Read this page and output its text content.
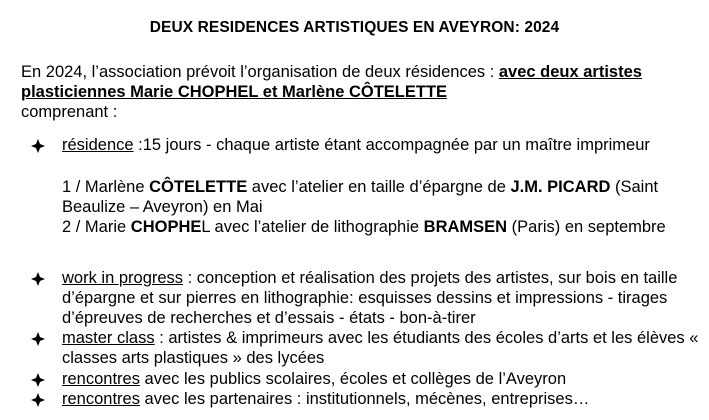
DEUX RESIDENCES ARTISTIQUES EN AVEYRON: 2024
En 2024, l’association prévoit l’organisation de deux résidences : avec deux artistes plasticiennes Marie CHOPHEL et Marlène CÔTELETTE
comprenant :
résidence :15 jours - chaque artiste étant accompagnée par un maître imprimeur
1 / Marlène CÔTELETTE avec l’atelier en taille d’épargne de J.M. PICARD (Saint Beaulize – Aveyron) en Mai
2 / Marie CHOPHEL avec l’atelier de lithographie BRAMSEN (Paris) en septembre
work in progress : conception et réalisation des projets des artistes, sur bois en taille d’épargne et sur pierres en lithographie: esquisses dessins et impressions - tirages d’épreuves de recherches et d’essais - états - bon-à-tirer
master class : artistes & imprimeurs avec les étudiants des écoles d’arts et les élèves « classes arts plastiques » des lycées
rencontres avec les publics scolaires, écoles et collèges de l’Aveyron
rencontres avec les partenaires : institutionnels, mécènes, entreprises…
